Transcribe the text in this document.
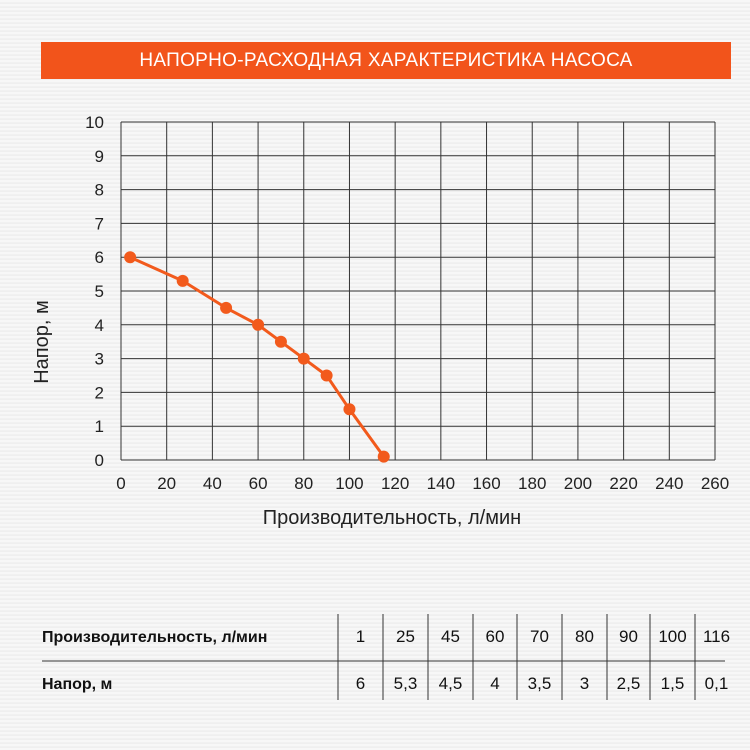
НАПОРНО-РАСХОДНАЯ ХАРАКТЕРИСТИКА НАСОСА
0
1
2
3
4
5
6
7
8
9
10
0 20 40 60 80 100 120 140 160 180 200 220 240 260
Производительность, л/мин
Напор, м
Производительность, л/мин
Напор, м
1
6
25
5,3
45
4,5
60
4
70
3,5
80
3
90
2,5
100
1,5
116
0,1
